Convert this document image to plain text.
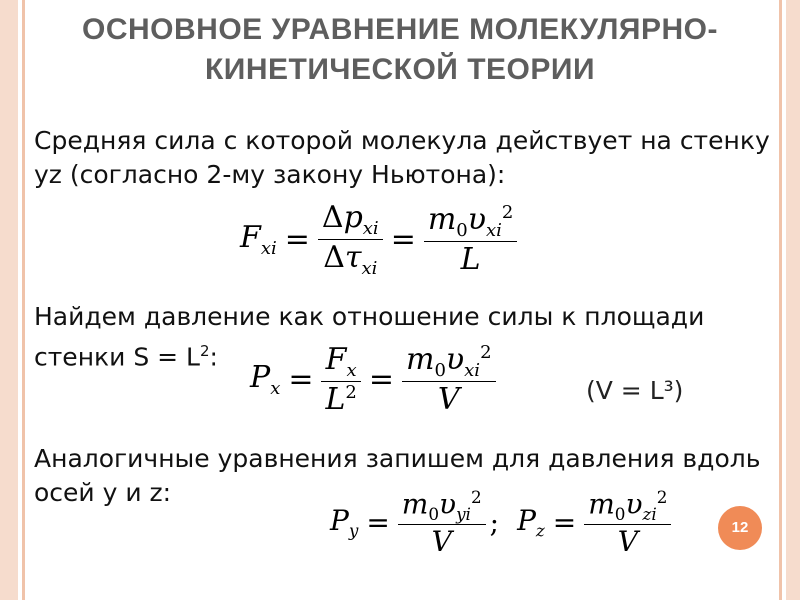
ОСНОВНОЕ УРАВНЕНИЕ МОЛЕКУЛЯРНО-
КИНЕТИЧЕСКОЙ ТЕОРИИ
Средняя сила с которой молекула действует на стенку
yz (согласно 2-му закону Ньютона):
$F_{xi} = \frac{\Delta p_{xi}}{\Delta\tau_{xi}} = \frac{m_0\upsilon_{xi}^2}{L}$
Найдем давление как отношение силы к площади
стенки $S = L^2$:
$P_x = \frac{F_x}{L^2} = \frac{m_0\upsilon_{xi}^2}{V}$	(V = L³)
Аналогичные уравнения запишем для давления вдоль
осей y и z:
$P_y = \frac{m_0\upsilon_{yi}^2}{V}$ ; $P_z = \frac{m_0\upsilon_{zi}^2}{V}$	12
